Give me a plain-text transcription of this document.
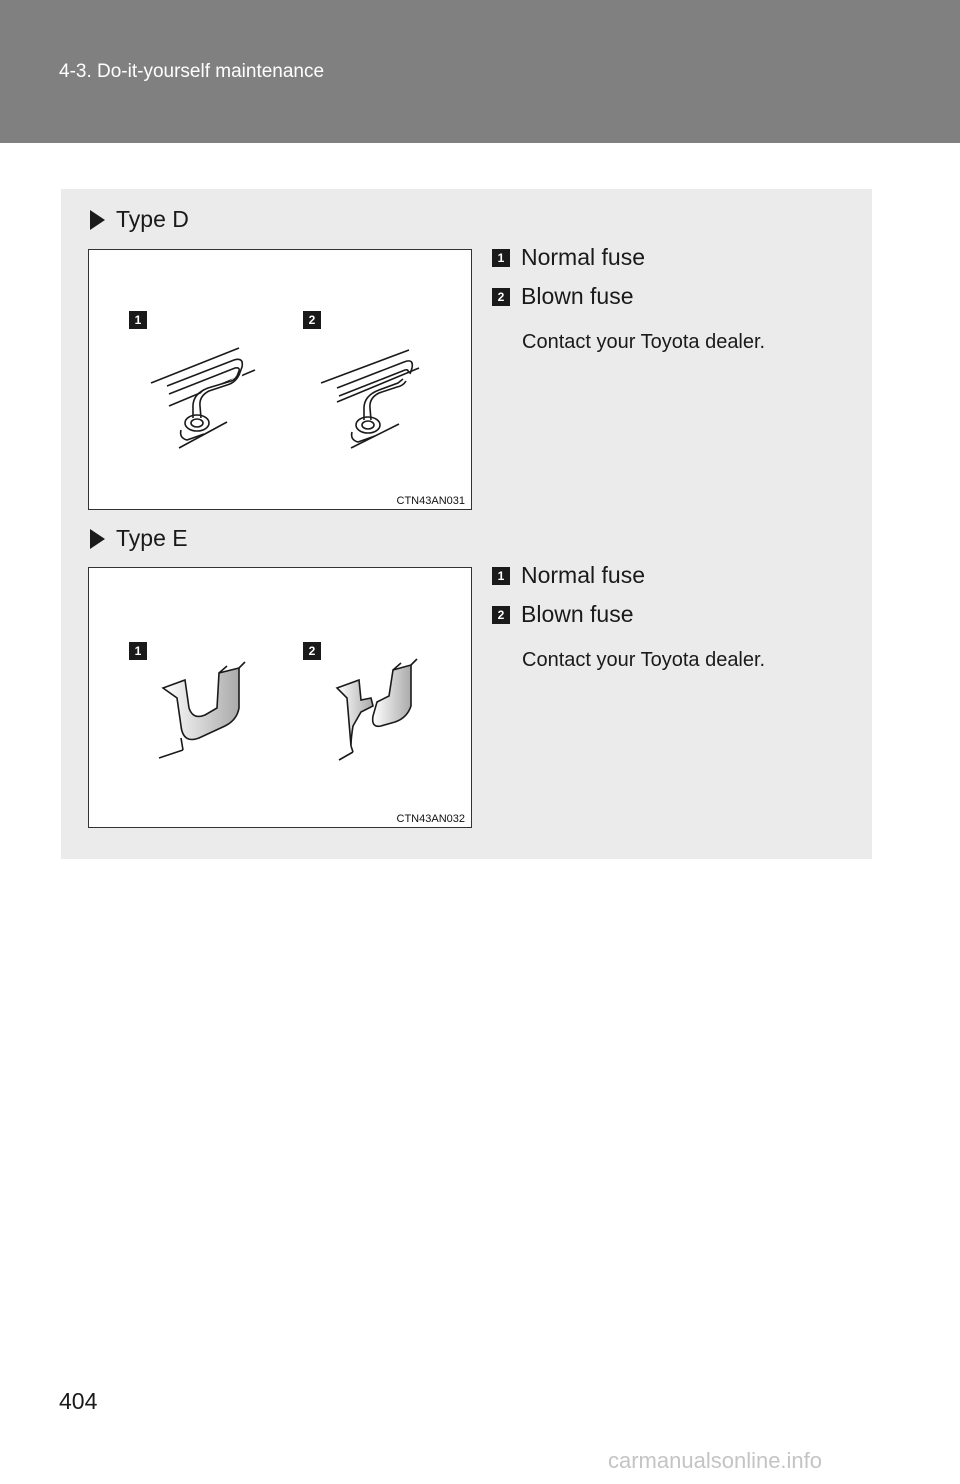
4-3. Do-it-yourself maintenance
Type D
1	2
CTN43AN031
1 Normal fuse
2 Blown fuse
Contact your Toyota dealer.
Type E
1	2
CTN43AN032
1 Normal fuse
2 Blown fuse
Contact your Toyota dealer.
404
carmanualsonline.info
